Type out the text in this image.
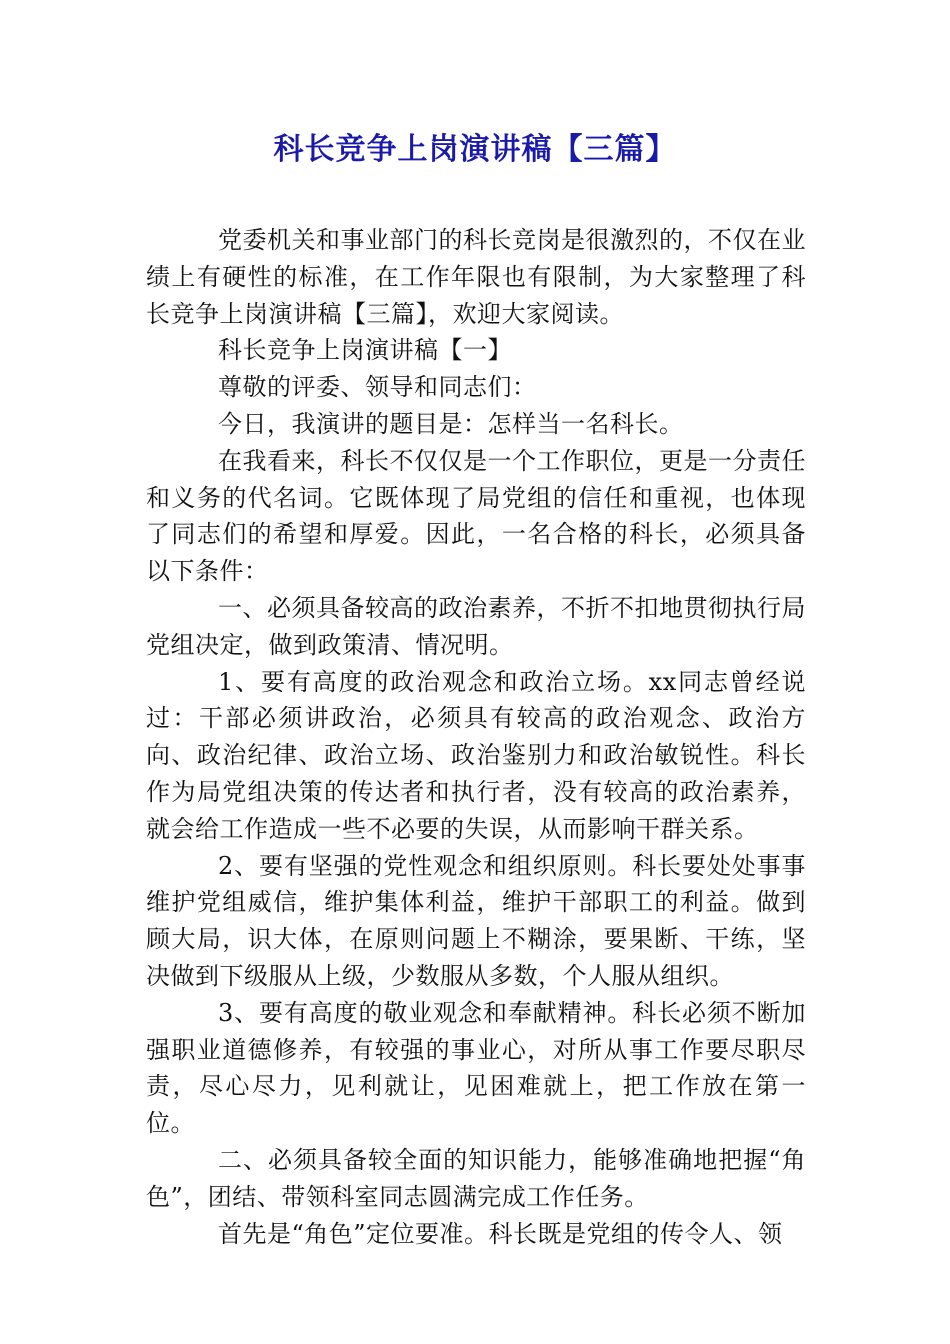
科长竞争上岗演讲稿【三篇】

党委机关和事业部门的科长竞岗是很激烈的，不仅在业绩上有硬性的标准，在工作年限也有限制，为大家整理了科长竞争上岗演讲稿【三篇】，欢迎大家阅读。

科长竞争上岗演讲稿【一】

尊敬的评委、领导和同志们：

今日，我演讲的题目是：怎样当一名科长。

在我看来，科长不仅仅是一个工作职位，更是一分责任和义务的代名词。它既体现了局党组的信任和重视，也体现了同志们的希望和厚爱。因此，一名合格的科长，必须具备以下条件：

一、必须具备较高的政治素养，不折不扣地贯彻执行局党组决定，做到政策清、情况明。

1、要有高度的政治观念和政治立场。xx同志曾经说过：干部必须讲政治，必须具有较高的政治观念、政治方向、政治纪律、政治立场、政治鉴别力和政治敏锐性。科长作为局党组决策的传达者和执行者，没有较高的政治素养，就会给工作造成一些不必要的失误，从而影响干群关系。

2、要有坚强的党性观念和组织原则。科长要处处事事维护党组威信，维护集体利益，维护干部职工的利益。做到顾大局，识大体，在原则问题上不糊涂，要果断、干练，坚决做到下级服从上级，少数服从多数，个人服从组织。

3、要有高度的敬业观念和奉献精神。科长必须不断加强职业道德修养，有较强的事业心，对所从事工作要尽职尽责，尽心尽力，见利就让，见困难就上，把工作放在第一位。

二、必须具备较全面的知识能力，能够准确地把握“角色”，团结、带领科室同志圆满完成工作任务。

首先是“角色”定位要准。科长既是党组的传令人、领
